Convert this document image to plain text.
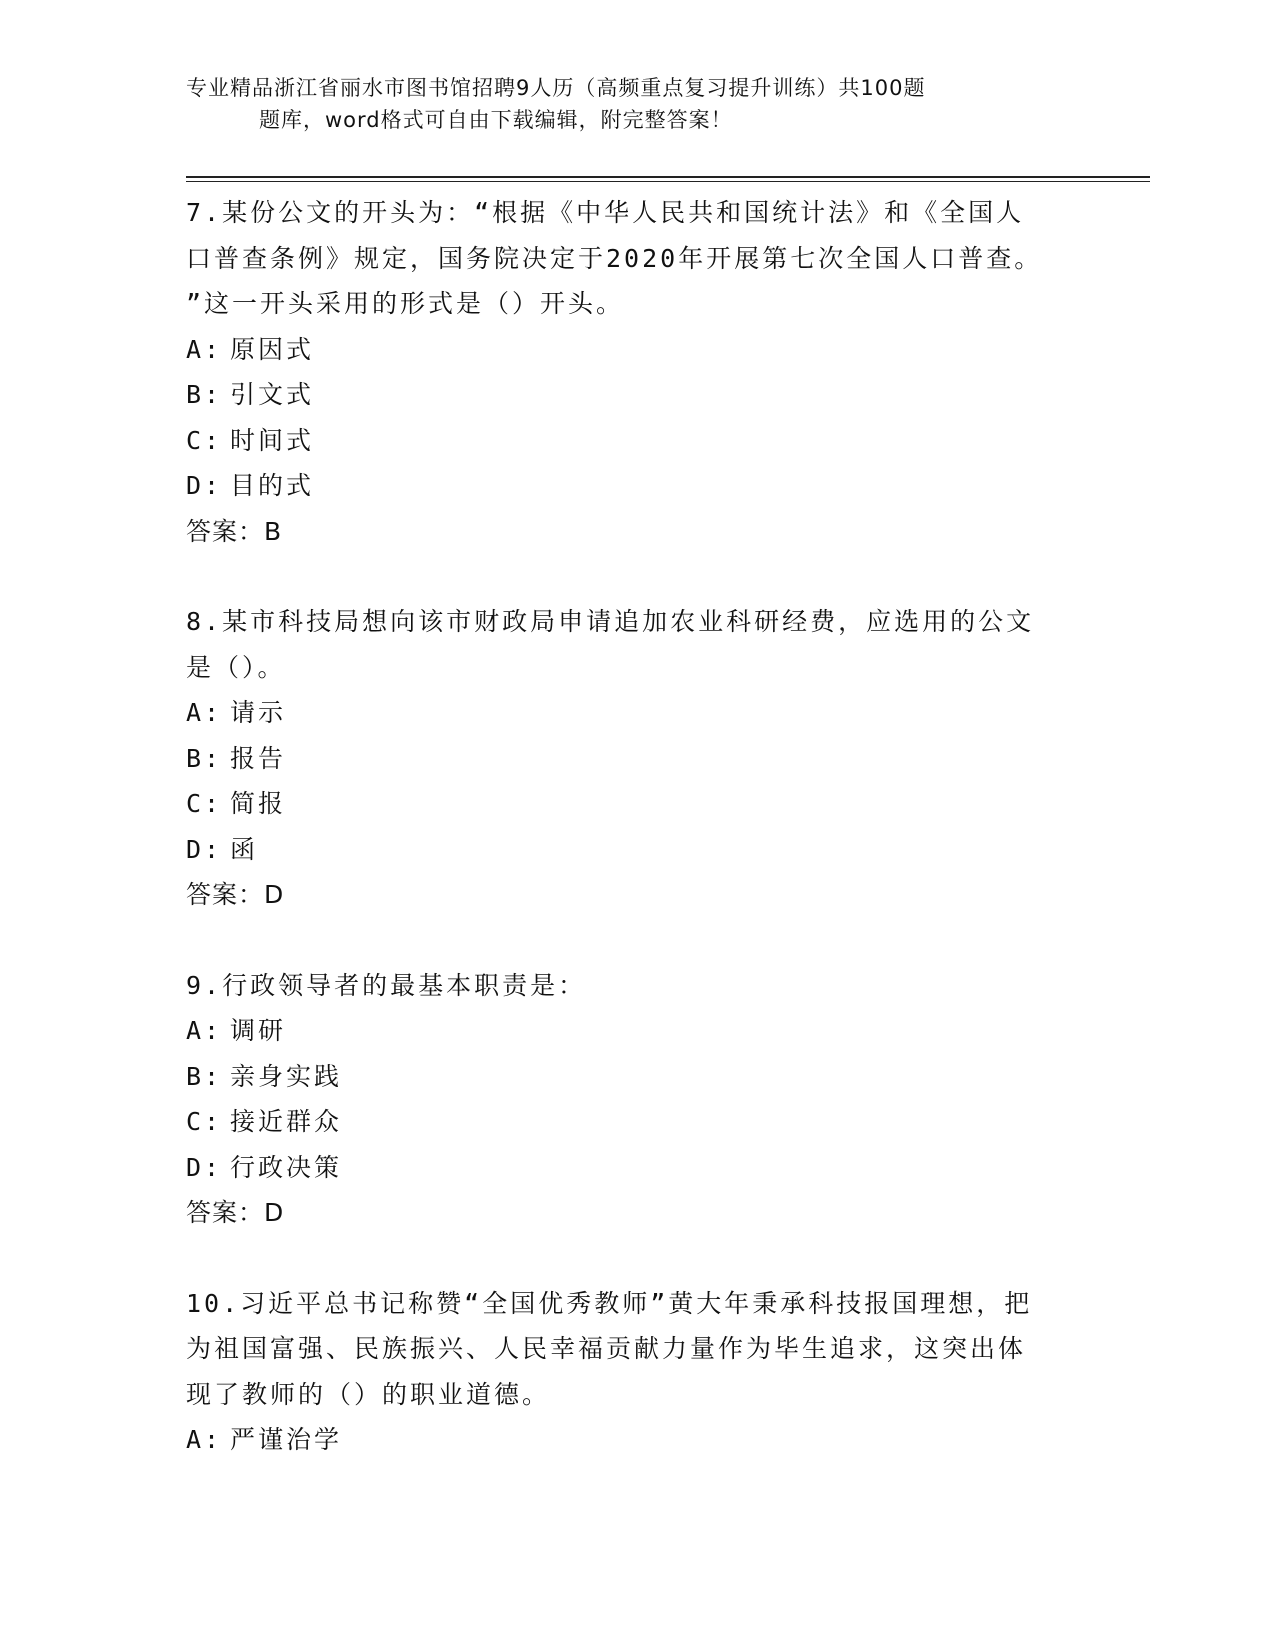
专业精品浙江省丽水市图书馆招聘9人历（高频重点复习提升训练）共100题
题库，word格式可自由下载编辑，附完整答案！

7.某份公文的开头为：“根据《中华人民共和国统计法》和《全国人

口普查条例》规定，国务院决定于2020年开展第七次全国人口普查。

”这一开头采用的形式是（）开头。

A: 原因式

B: 引文式

C: 时间式

D: 目的式

答案：B

8.某市科技局想向该市财政局申请追加农业科研经费，应选用的公文

是（）。

A: 请示

B: 报告

C: 简报

D: 函

答案：D

9.行政领导者的最基本职责是：

A: 调研

B: 亲身实践

C: 接近群众

D: 行政决策

答案：D

10.习近平总书记称赞“全国优秀教师”黄大年秉承科技报国理想，把

为祖国富强、民族振兴、人民幸福贡献力量作为毕生追求，这突出体

现了教师的（）的职业道德。

A: 严谨治学
